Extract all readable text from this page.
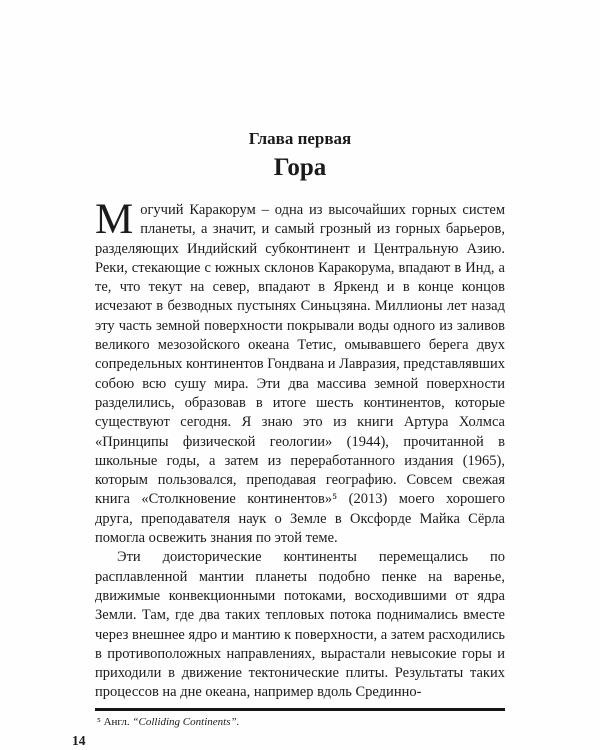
Глава первая
Гора

Могучий Каракорум – одна из высочайших горных систем планеты, а значит, и самый грозный из горных барьеров, разделяющих Индийский субконтинент и Центральную Азию. Реки, стекающие с южных склонов Каракорума, впадают в Инд, а те, что текут на север, впадают в Яркенд и в конце концов исчезают в безводных пустынях Синьцзяна. Миллионы лет назад эту часть земной поверхности покрывали воды одного из заливов великого мезозойского океана Тетис, омывавшего берега двух сопредельных континентов Гондвана и Лавразия, представлявших собою всю сушу мира. Эти два массива земной поверхности разделились, образовав в итоге шесть континентов, которые существуют сегодня. Я знаю это из книги Артура Холмса «Принципы физической геологии» (1944), прочитанной в школьные годы, а затем из переработанного издания (1965), которым пользовался, преподавая географию. Совсем свежая книга «Столкновение континентов»⁵ (2013) моего хорошего друга, преподавателя наук о Земле в Оксфорде Майка Сёрла помогла освежить знания по этой теме.

Эти доисторические континенты перемещались по расплавленной мантии планеты подобно пенке на варенье, движимые конвекционными потоками, восходившими от ядра Земли. Там, где два таких тепловых потока поднимались вместе через внешнее ядро и мантию к поверхности, а затем расходились в противоположных направлениях, вырастали невысокие горы и приходили в движение тектонические плиты. Результаты таких процессов на дне океана, например вдоль Срединно-

⁵ Англ. “Colliding Continents”.

14
